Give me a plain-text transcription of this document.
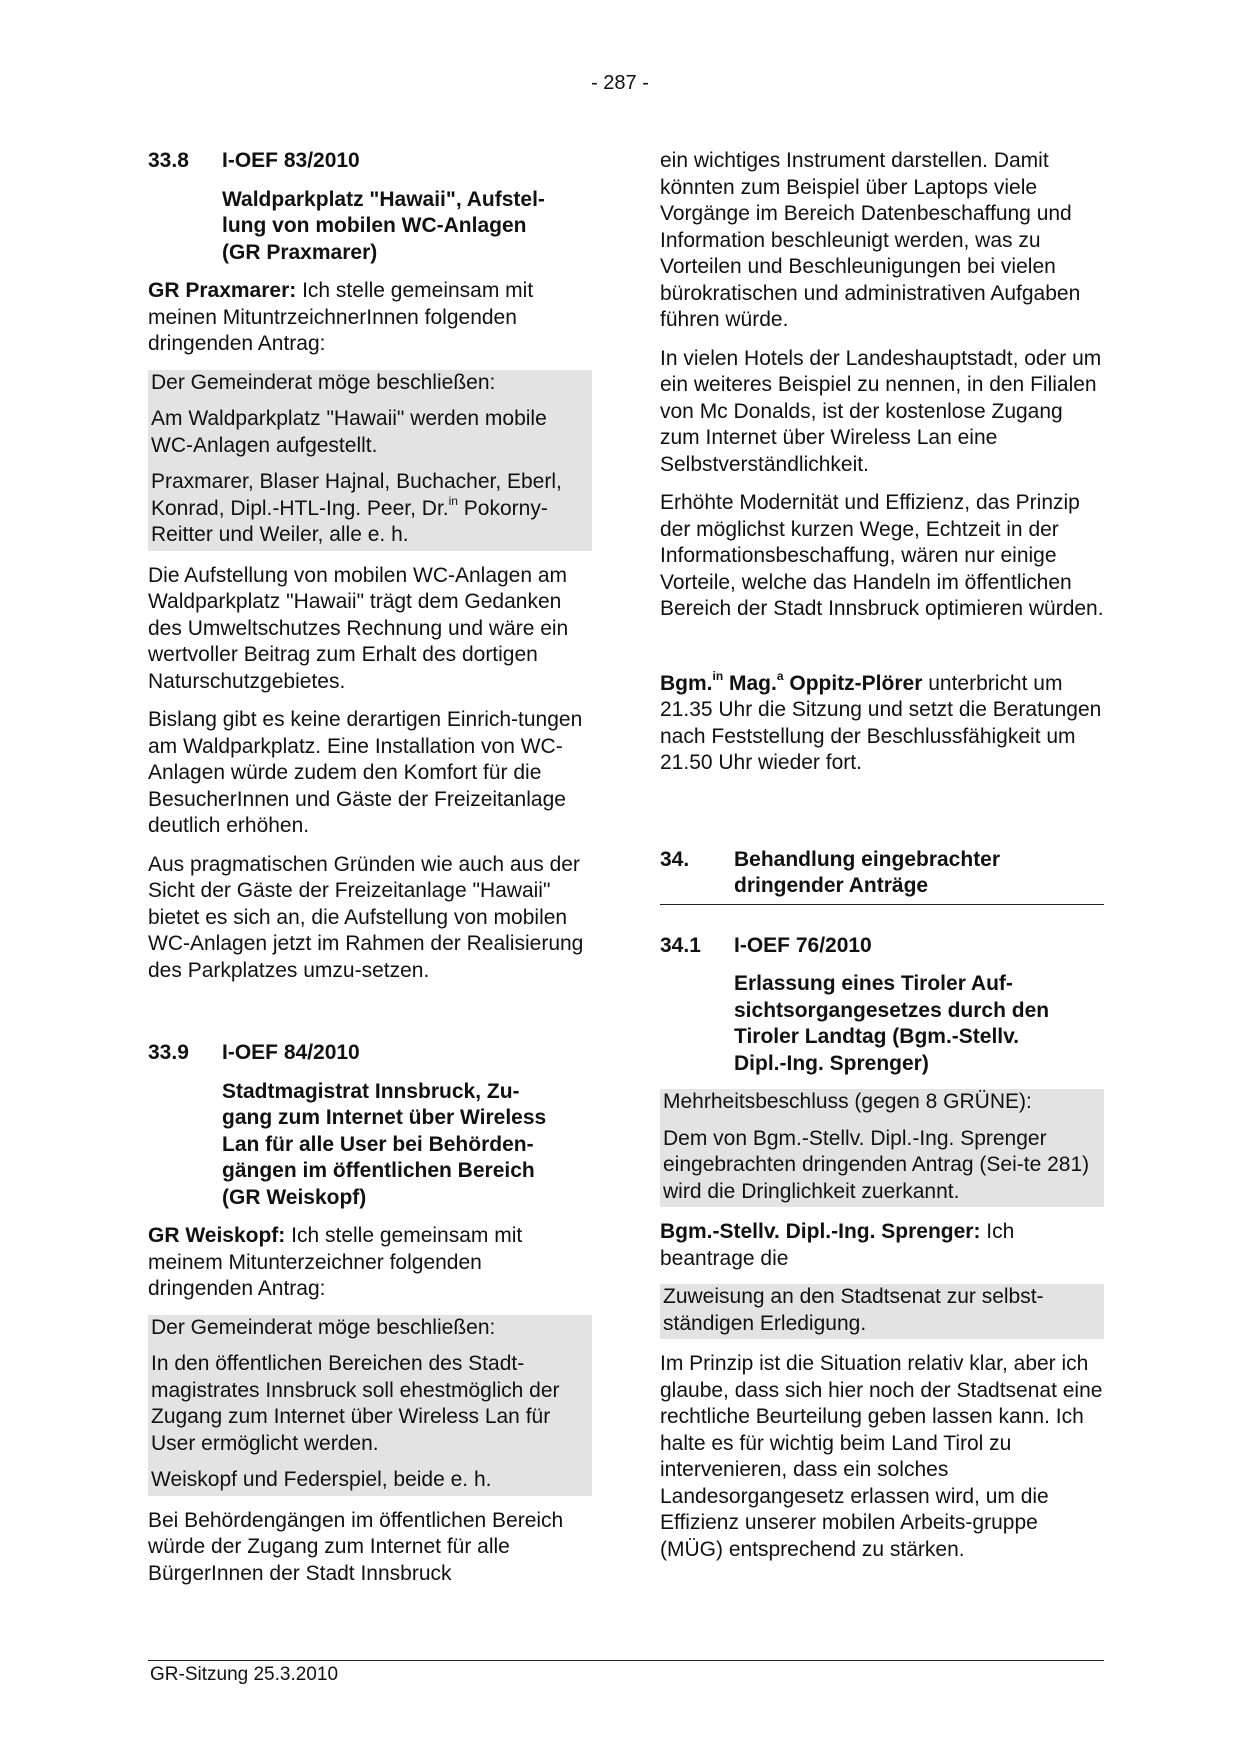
- 287 -
33.8	I-OEF 83/2010
Waldparkplatz "Hawaii", Aufstel-
lung von mobilen WC-Anlagen
(GR Praxmarer)

GR Praxmarer: Ich stelle gemeinsam mit meinen MituntrzeichnerInnen folgenden dringenden Antrag:

Der Gemeinderat möge beschließen:
Am Waldparkplatz "Hawaii" werden mobile WC-Anlagen aufgestellt.
Praxmarer, Blaser Hajnal, Buchacher, Eberl, Konrad, Dipl.-HTL-Ing. Peer, Dr.$^{in}$ Pokorny-Reitter und Weiler, alle e. h.

Die Aufstellung von mobilen WC-Anlagen am Waldparkplatz "Hawaii" trägt dem Gedanken des Umweltschutzes Rechnung und wäre ein wertvoller Beitrag zum Erhalt des dortigen Naturschutzgebietes.

Bislang gibt es keine derartigen Einrich-tungen am Waldparkplatz. Eine Installation von WC-Anlagen würde zudem den Komfort für die BesucherInnen und Gäste der Freizeitanlage deutlich erhöhen.

Aus pragmatischen Gründen wie auch aus der Sicht der Gäste der Freizeitanlage "Hawaii" bietet es sich an, die Aufstellung von mobilen WC-Anlagen jetzt im Rahmen der Realisierung des Parkplatzes umzu-setzen.

33.9	I-OEF 84/2010
Stadtmagistrat Innsbruck, Zu-
gang zum Internet über Wireless
Lan für alle User bei Behörden-
gängen im öffentlichen Bereich
(GR Weiskopf)

GR Weiskopf: Ich stelle gemeinsam mit meinem Mitunterzeichner folgenden dringenden Antrag:

Der Gemeinderat möge beschließen:
In den öffentlichen Bereichen des Stadt-magistrates Innsbruck soll ehestmöglich der Zugang zum Internet über Wireless Lan für User ermöglicht werden.
Weiskopf und Federspiel, beide e. h.

Bei Behördengängen im öffentlichen Bereich würde der Zugang zum Internet für alle BürgerInnen der Stadt Innsbruck

ein wichtiges Instrument darstellen. Damit könnten zum Beispiel über Laptops viele Vorgänge im Bereich Datenbeschaffung und Information beschleunigt werden, was zu Vorteilen und Beschleunigungen bei vielen bürokratischen und administrativen Aufgaben führen würde.

In vielen Hotels der Landeshauptstadt, oder um ein weiteres Beispiel zu nennen, in den Filialen von Mc Donalds, ist der kostenlose Zugang zum Internet über Wireless Lan eine Selbstverständlichkeit.

Erhöhte Modernität und Effizienz, das Prinzip der möglichst kurzen Wege, Echtzeit in der Informationsbeschaffung, wären nur einige Vorteile, welche das Handeln im öffentlichen Bereich der Stadt Innsbruck optimieren würden.

Bgm.$^{in}$ Mag.$^a$ Oppitz-Plörer unterbricht um 21.35 Uhr die Sitzung und setzt die Beratungen nach Feststellung der Beschlussfähigkeit um 21.50 Uhr wieder fort.

34.	Behandlung eingebrachter
dringender Anträge
34.1	I-OEF 76/2010
Erlassung eines Tiroler Auf-
sichtsorgangesetzes durch den
Tiroler Landtag (Bgm.-Stellv.
Dipl.-Ing. Sprenger)
Mehrheitsbeschluss (gegen 8 GRÜNE):
Dem von Bgm.-Stellv. Dipl.-Ing. Sprenger eingebrachten dringenden Antrag (Sei-te 281) wird die Dringlichkeit zuerkannt.

Bgm.-Stellv. Dipl.-Ing. Sprenger: Ich beantrage die

Zuweisung an den Stadtsenat zur selbst-ständigen Erledigung.

Im Prinzip ist die Situation relativ klar, aber ich glaube, dass sich hier noch der Stadtsenat eine rechtliche Beurteilung geben lassen kann. Ich halte es für wichtig beim Land Tirol zu intervenieren, dass ein solches Landesorgangesetz erlassen wird, um die Effizienz unserer mobilen Arbeits-gruppe (MÜG) entsprechend zu stärken.

GR-Sitzung 25.3.2010
